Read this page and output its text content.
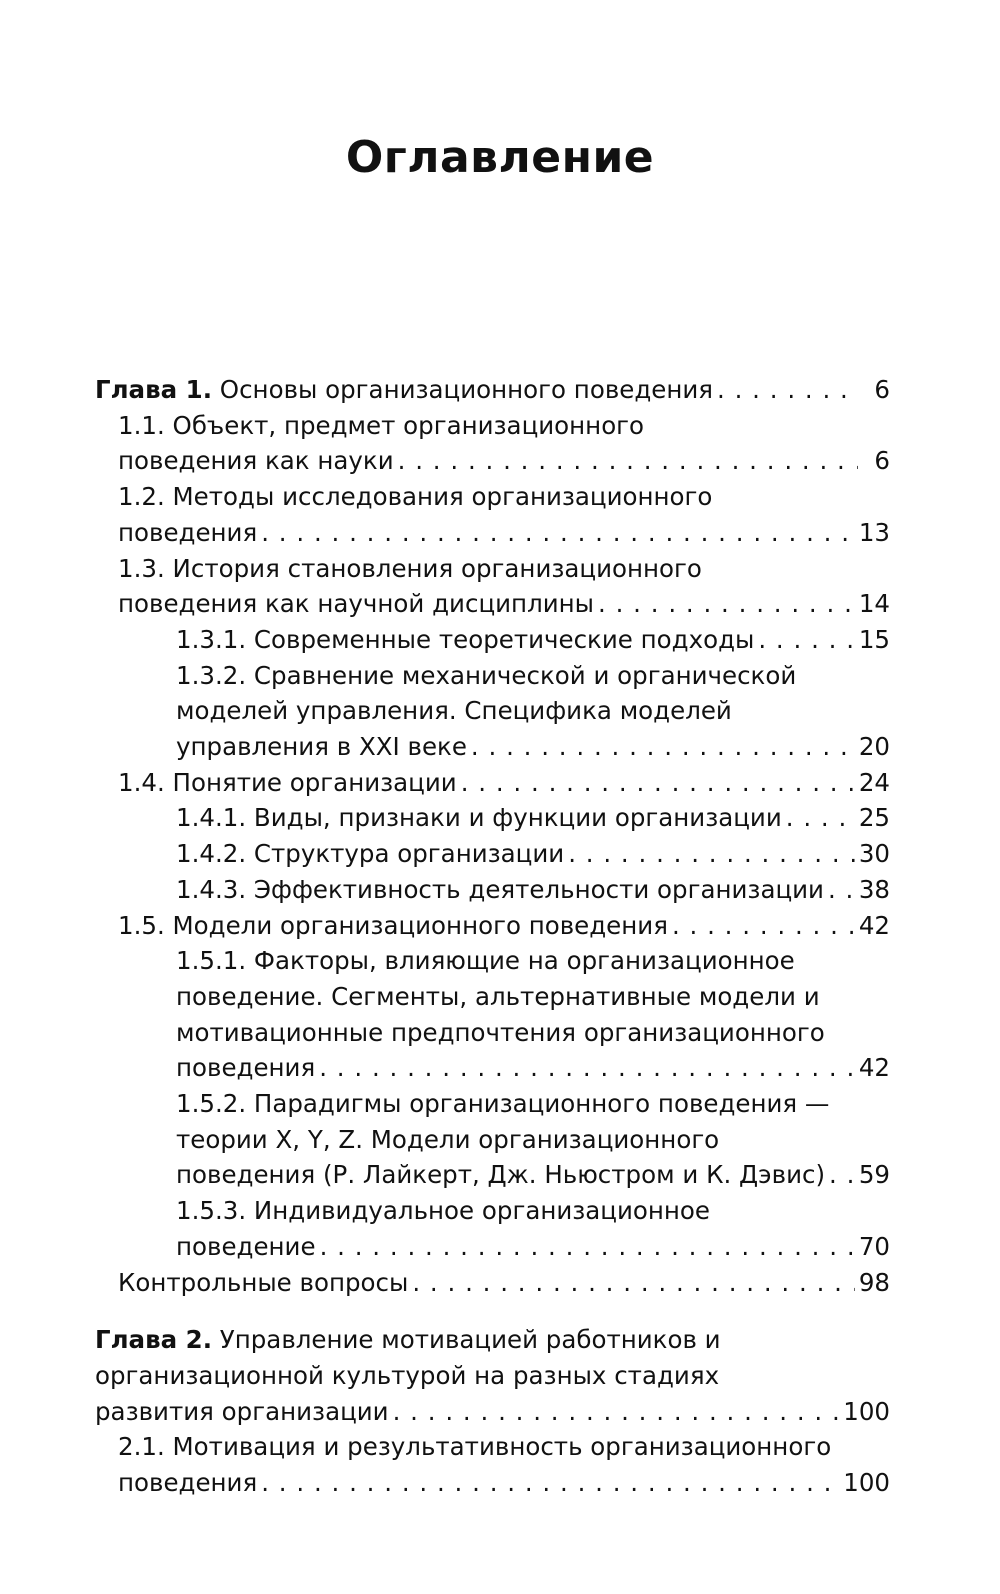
Оглавление
Глава 1. Основы организационного поведения . . .	6
1.1. Объект, предмет организационного
поведения как науки . . .	6
1.2. Методы исследования организационного
поведения . . .	13
1.3. История становления организационного
поведения как научной дисциплины . . .	14
1.3.1. Современные теоретические подходы . . .	15
1.3.2. Сравнение механической и органической
моделей управления. Специфика моделей
управления в XXI веке . . .	20
1.4. Понятие организации . . .	24
1.4.1. Виды, признаки и функции организации . . .	25
1.4.2. Структура организации . . .	30
1.4.3. Эффективность деятельности организации . . . 38
1.5. Модели организационного поведения . . .	42
1.5.1. Факторы, влияющие на организационное
поведение. Сегменты, альтернативные модели и
мотивационные предпочтения организационного
поведения . . .	42
1.5.2. Парадигмы организационного поведения —
теории X, Y, Z. Модели организационного
поведения (Р. Лайкерт, Дж. Ньюстром и К. Дэвис) . . . 59
1.5.3. Индивидуальное организационное
поведение . . .	70
Контрольные вопросы . . .	98
Глава 2. Управление мотивацией работников и
организационной культурой на разных стадиях
развития организации . . .	100
2.1. Мотивация и результативность организационного
поведения . . .	100
